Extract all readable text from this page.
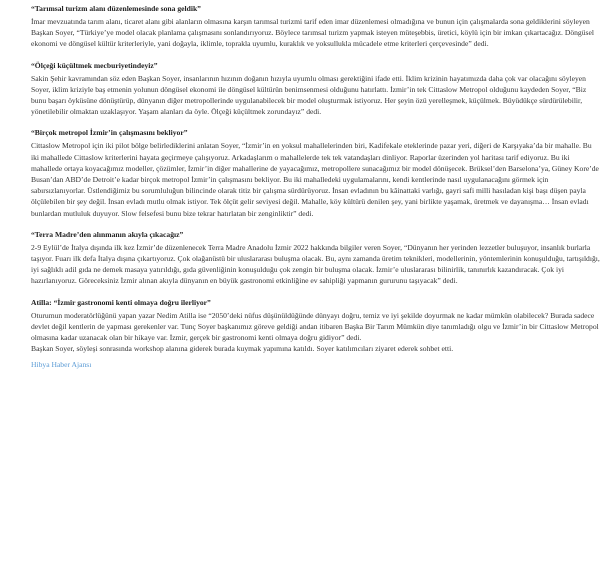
“Tarımsal turizm alanı düzenlemesinde sona geldik”

İmar mevzuatında tarım alanı, ticaret alanı gibi alanların olmasına karşın tarımsal turizmi tarif eden imar düzenlemesi olmadığına ve bunun için çalışmalarda sona geldiklerini söyleyen Başkan Soyer, “Türkiye’ye model olacak planlama çalışmasını sonlandırıyoruz. Böylece tarımsal turizm yapmak isteyen müteşebbis, üretici, köylü için bir imkan çıkartacağız. Döngüsel ekonomi ve döngüsel kültür kriterleriyle, yani doğayla, iklimle, toprakla uyumlu, kuraklık ve yoksullukla mücadele etme kriterleri çerçevesinde” dedi.

“Ölçeği küçültmek mecburiyetindeyiz”

Sakin Şehir kavramından söz eden Başkan Soyer, insanlarının hızının doğanın hızıyla uyumlu olması gerektiğini ifade etti. İklim krizinin hayatımızda daha çok var olacağını söyleyen Soyer, iklim kriziyle baş etmenin yolunun döngüsel ekonomi ile döngüsel kültürün benimsenmesi olduğunu hatırlattı. İzmir’in tek Cittaslow Metropol olduğunu kaydeden Soyer, “Biz bunu başarı öyküsüne dönüştürüp, dünyanın diğer metropollerinde uygulanabilecek bir model oluşturmak istiyoruz. Her şeyin özü yerelleşmek, küçülmek. Büyüdükçe sürdürülebilir, yönetilebilir olmaktan uzaklaşıyor. Yaşam alanları da öyle. Ölçeği küçültmek zorundayız” dedi.

“Birçok metropol İzmir’in çalışmasını bekliyor”

Cittaslow Metropol için iki pilot bölge belirlediklerini anlatan Soyer, “İzmir’in en yoksul mahallelerinden biri, Kadifekale eteklerinde pazar yeri, diğeri de Karşıyaka’da bir mahalle. Bu iki mahallede Cittaslow kriterlerini hayata geçirmeye çalışıyoruz. Arkadaşlarım o mahallelerde tek tek vatandaşları dinliyor. Raporlar üzerinden yol haritası tarif ediyoruz. Bu iki mahallede ortaya koyacağımız modeller, çözümler, İzmir’in diğer mahallerine de yayacağımız, metropollere sunacağımız bir model dönüşecek. Brüksel’den Barselona’ya, Güney Kore’de Busan’dan ABD’de Detroit’e kadar birçok metropol İzmir’in çalışmasını bekliyor. Bu iki mahalledeki uygulamalarını, kendi kentlerinde nasıl uygulanacağını görmek için sabırsızlanıyorlar. Üstlendiğimiz bu sorumluluğun bilincinde olarak titiz bir çalışma sürdürüyoruz. İnsan evladının bu kâinattaki varlığı, gayri safi milli hasıladan kişi başı düşen payla ölçülebilen bir şey değil. İnsan evladı mutlu olmak istiyor. Tek ölçüt gelir seviyesi değil. Mahalle, köy kültürü denilen şey, yani birlikte yaşamak, üretmek ve dayanışma… İnsan evladı bunlardan mutluluk duyuyor. Slow felsefesi bunu bize tekrar hatırlatan bir zenginliktir” dedi.

“Terra Madre’den alınmanın akıyla çıkacağız”

2-9 Eylül’de İtalya dışında ilk kez İzmir’de düzenlenecek Terra Madre Anadolu İzmir 2022 hakkında bilgiler veren Soyer, “Dünyanın her yerinden lezzetler buluşuyor, insanlık burlarla taşıyor. Fuarı ilk defa İtalya dışına çıkartıyoruz. Çok olağanüstü bir uluslararası buluşma olacak. Bu, aynı zamanda üretim teknikleri, modellerinin, yöntemlerinin konuşulduğu, tartışıldığı, iyi sağlıklı adil gıda ne demek masaya yatırıldığı, gıda güvenliğinin konuşulduğu çok zengin bir buluşma olacak. İzmir’e uluslararası bilinirlik, tanınırlık kazandıracak. Çok iyi hazırlanıyoruz. Göreceksiniz İzmir alınan akıyla dünyanın en büyük gastronomi etkinliğine ev sahipliği yapmanın gururunu taşıyacak” dedi.

Atilla: “İzmir gastronomi kenti olmaya doğru ilerliyor”

Oturumun moderatörlüğünü yapan yazar Nedim Atilla ise “2050’deki nüfus düşünüldüğünde dünyayı doğru, temiz ve iyi şekilde doyurmak ne kadar mümkün olabilecek? Burada sadece devlet değil kentlerin de yapması gerekenler var. Tunç Soyer başkanımız göreve geldiği andan itibaren Başka Bir Tarım Mümkün diye tanımladığı olgu ve İzmir’in bir Cittaslow Metropol olmasına kadar uzanacak olan bir hikaye var. İzmir, gerçek bir gastronomi kenti olmaya doğru gidiyor” dedi.

Başkan Soyer, söyleşi sonrasında workshop alanına giderek burada kuymak yapımına katıldı. Soyer katılımcıları ziyaret ederek sohbet etti.

Hibya Haber Ajansı
